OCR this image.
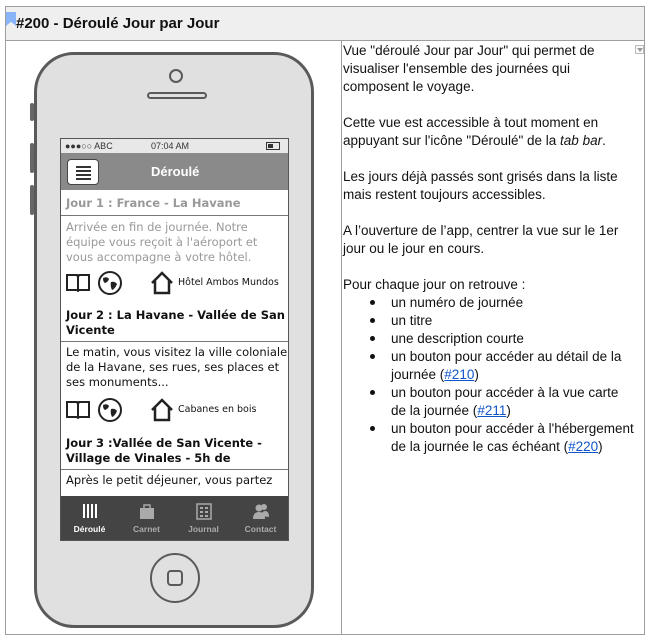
#200 - Déroulé Jour par Jour
●●●○○ ABC	07:04 AM
Déroulé
Jour 1 : France - La Havane
Arrivée en fin de journée. Notre équipe vous reçoit à l'aéroport et vous accompagne à votre hôtel.
Hôtel Ambos Mundos
Jour 2 : La Havane - Vallée de San Vicente
Le matin, vous visitez la ville coloniale de la Havane, ses rues, ses places et ses monuments...
Cabanes en bois
Jour 3 :Vallée de San Vicente - Village de Vinales - 5h de
Après le petit déjeuner, vous partez
Déroulé	Carnet	Journal	Contact

Vue "déroulé Jour par Jour" qui permet de visualiser l'ensemble des journées qui composent le voyage.

Cette vue est accessible à tout moment en appuyant sur l'icône "Déroulé" de la tab bar.

Les jours déjà passés sont grisés dans la liste mais restent toujours accessibles.

A l’ouverture de l’app, centrer la vue sur le 1er jour ou le jour en cours.

Pour chaque jour on retrouve :
un numéro de journée
un titre
une description courte
un bouton pour accéder au détail de la journée (#210)
un bouton pour accéder à la vue carte de la journée (#211)
un bouton pour accéder à l'hébergement de la journée le cas échéant (#220)
